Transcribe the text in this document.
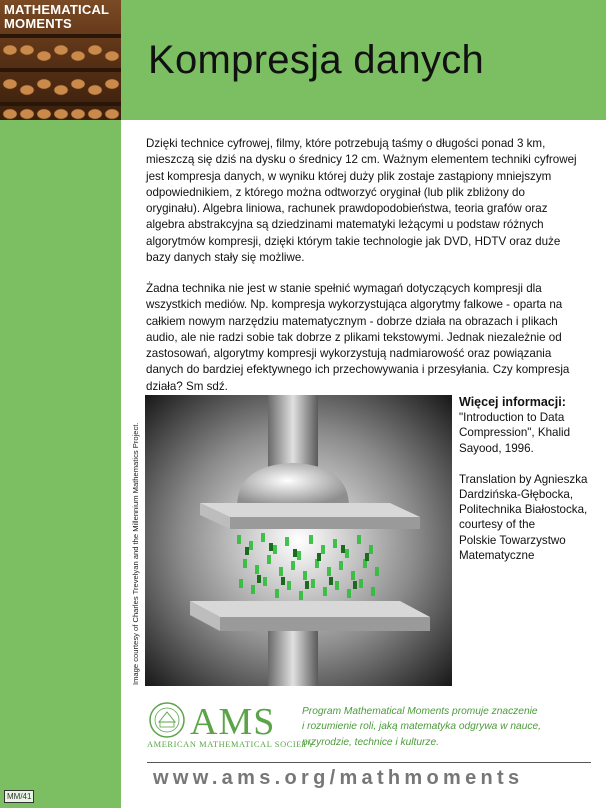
MATHEMATICAL
MOMENTS
Kompresja danych
Dzięki technice cyfrowej, filmy, które potrzebują taśmy o długości ponad 3 km,
mieszczą się dziś na dysku o średnicy 12 cm. Ważnym elementem techniki cyfrowej
jest kompresja danych, w wyniku której duży plik zostaje zastąpiony mniejszym
odpowiednikiem, z którego można odtworzyć oryginał (lub plik zbliżony do
oryginału). Algebra liniowa, rachunek prawdopodobieństwa, teoria grafów oraz
algebra abstrakcyjna są dziedzinami matematyki leżącymi u podstaw różnych
algorytmów kompresji, dzięki którym takie technologie jak DVD, HDTV oraz duże
bazy danych stały się możliwe.
Żadna technika nie jest w stanie spełnić wymagań dotyczących kompresji dla
wszystkich mediów. Np. kompresja wykorzystująca algorytmy falkowe - oparta na
całkiem nowym narzędziu matematycznym - dobrze działa na obrazach i plikach
audio, ale nie radzi sobie tak dobrze z plikami tekstowymi. Jednak niezależnie od
zastosowań, algorytmy kompresji wykorzystują nadmiarowość oraz powiązania
danych do bardziej efektywnego ich przechowywania i przesyłania. Czy kompresja
działa? Sm sdź.
Image courtesy of Charles Trevelyan and the Millennium Mathematics Project.
Więcej informacji:
"Introduction to Data
Compression", Khalid
Sayood, 1996.
Translation by Agnieszka
Dardzińska-Głębocka,
Politechnika Białostocka,
courtesy of the
Polskie Towarzystwo
Matematyczne
AMS
AMERICAN MATHEMATICAL SOCIETY
Program Mathematical Moments promuje znaczenie
i rozumienie roli, jaką matematyka odgrywa w nauce,
przyrodzie, technice i kulturze.
www.ams.org/mathmoments
MM/41
